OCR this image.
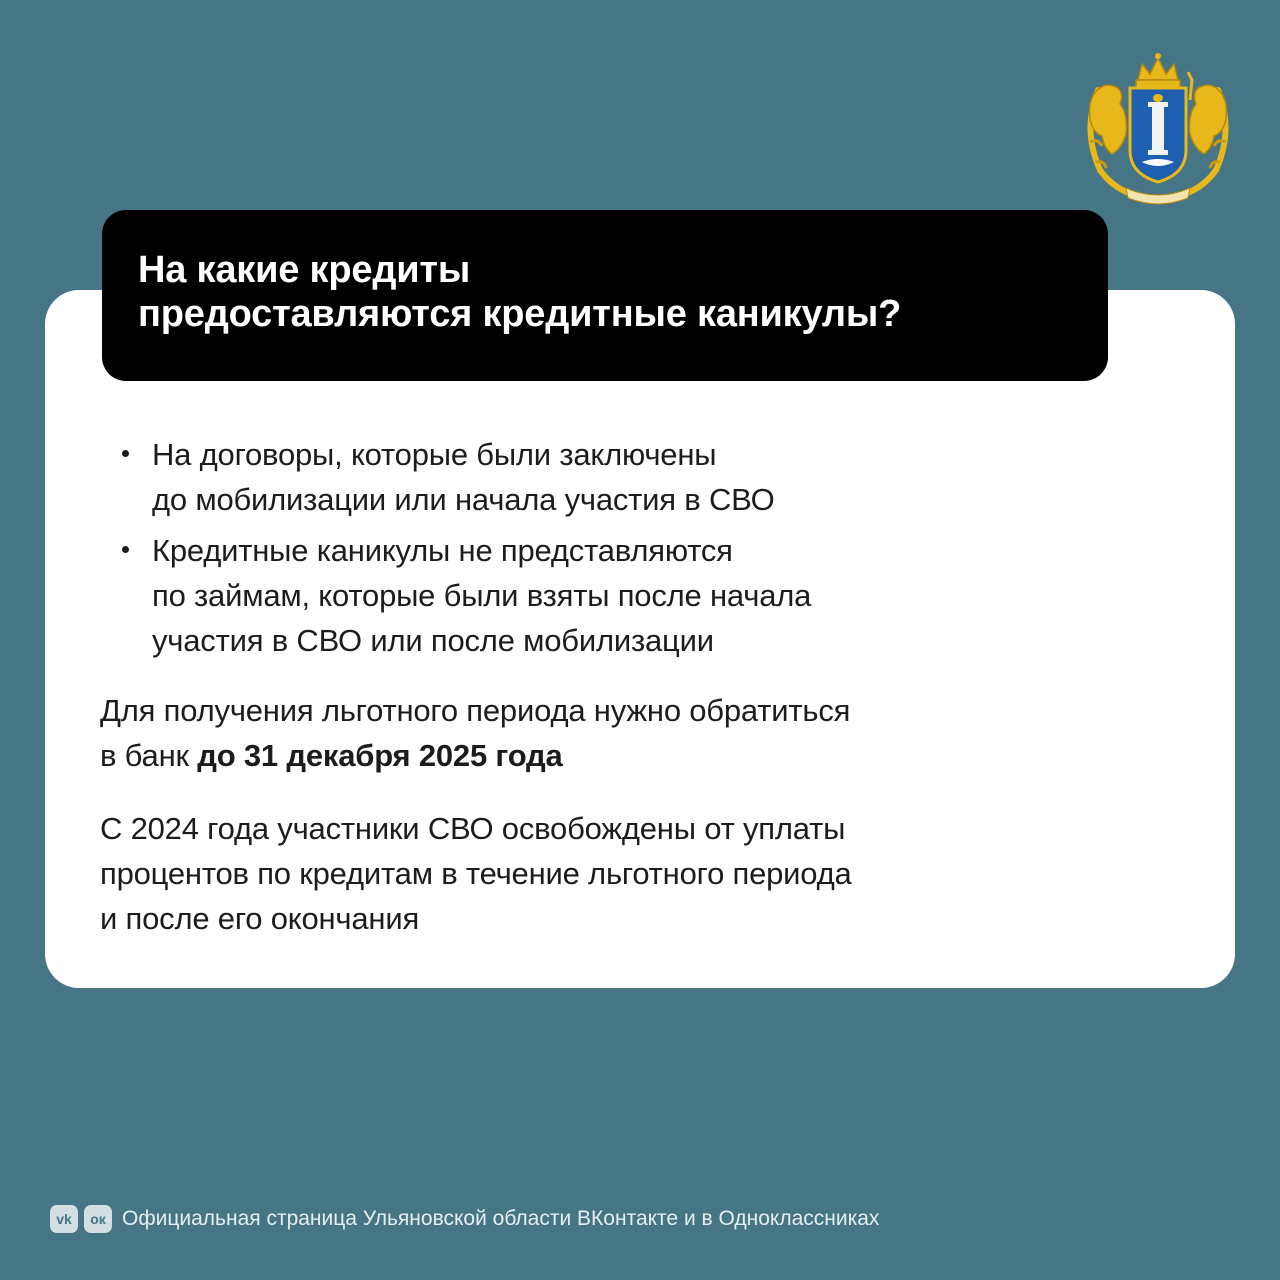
На какие кредиты
предоставляются кредитные каникулы?
На договоры, которые были заключены
до мобилизации или начала участия в СВО
Кредитные каникулы не представляются
по займам, которые были взяты после начала
участия в СВО или после мобилизации
Для получения льготного периода нужно обратиться
в банк до 31 декабря 2025 года
С 2024 года участники СВО освобождены от уплаты
процентов по кредитам в течение льготного периода
и после его окончания
vk	ок Официальная страница Ульяновской области ВКонтакте и в Одноклассниках
